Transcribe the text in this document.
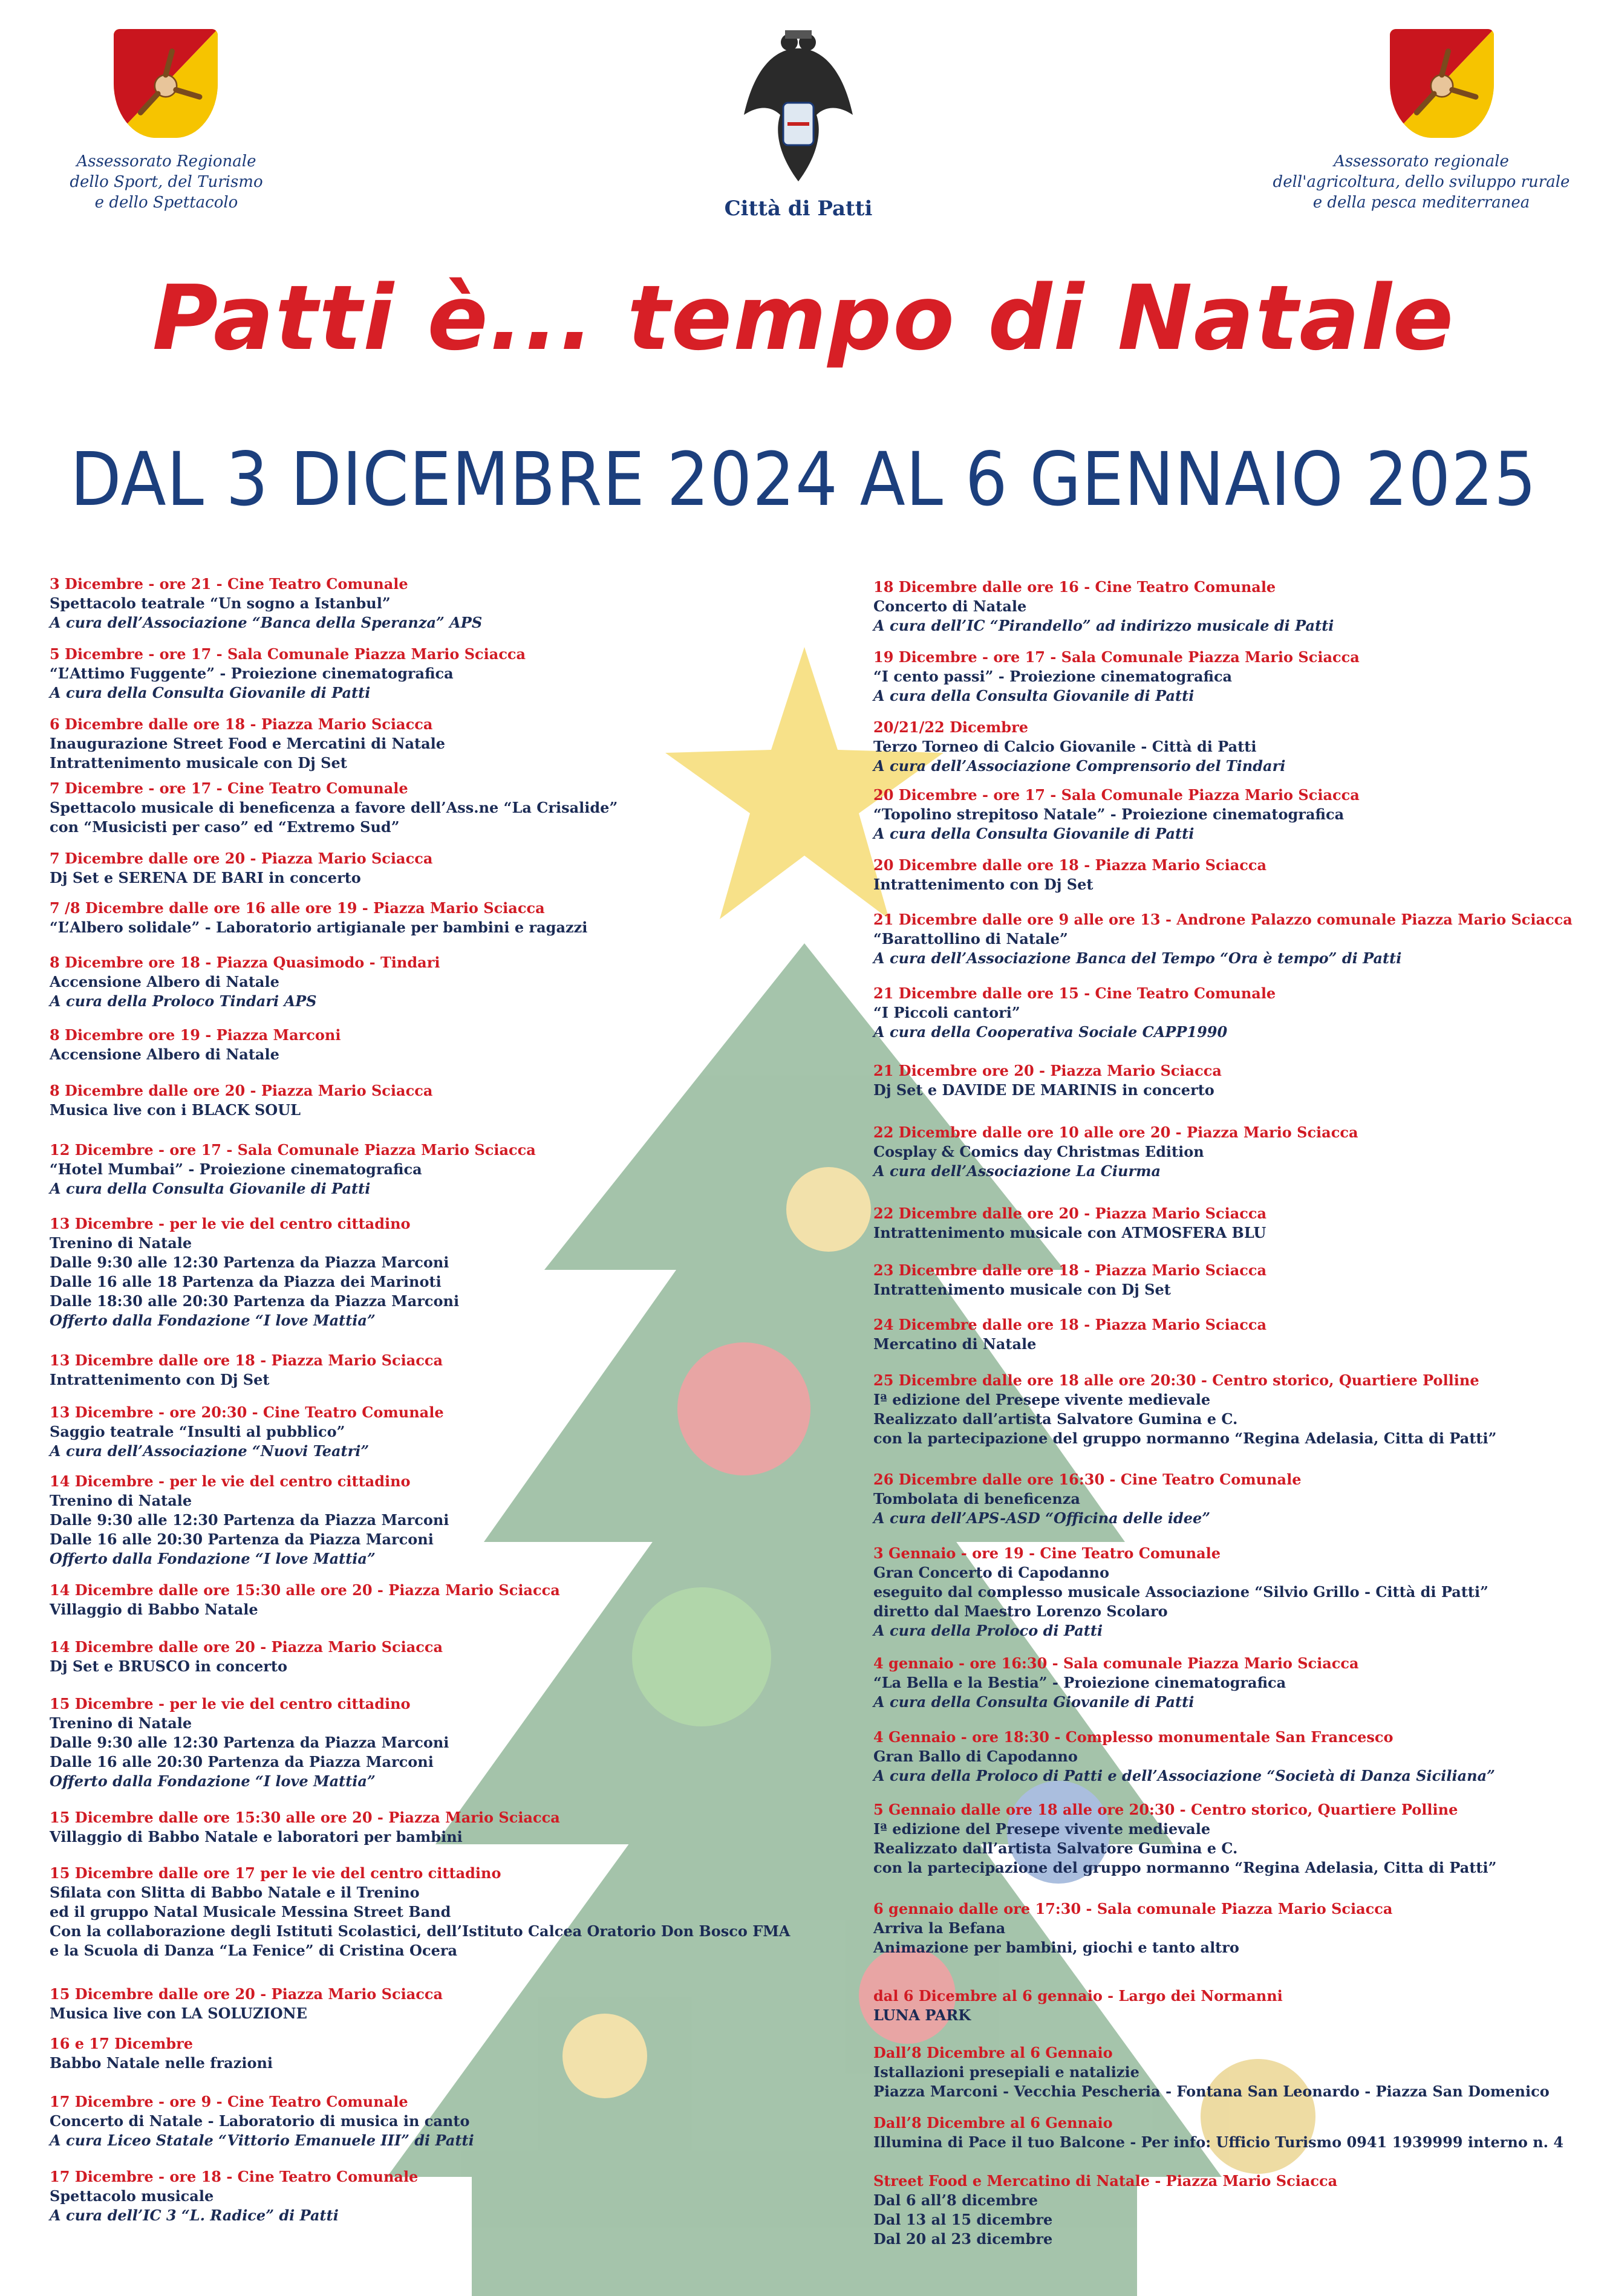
Assessorato Regionale
dello Sport, del Turismo
e dello Spettacolo	Città di Patti
Assessorato regionale
dell'agricoltura, dello sviluppo rurale
e della pesca mediterranea
Patti è... tempo di Natale
DAL 3 DICEMBRE 2024 AL 6 GENNAIO 2025
3 Dicembre - ore 21 - Cine Teatro Comunale
Spettacolo teatrale “Un sogno a Istanbul”
A cura dell’Associazione “Banca della Speranza” APS
5 Dicembre - ore 17 - Sala Comunale Piazza Mario Sciacca
“L’Attimo Fuggente” - Proiezione cinematografica
A cura della Consulta Giovanile di Patti
6 Dicembre dalle ore 18 - Piazza Mario Sciacca
Inaugurazione Street Food e Mercatini di Natale
Intrattenimento musicale con Dj Set
7 Dicembre - ore 17 - Cine Teatro Comunale
Spettacolo musicale di beneficenza a favore dell’Ass.ne “La Crisalide”
con “Musicisti per caso” ed “Extremo Sud”
7 Dicembre dalle ore 20 - Piazza Mario Sciacca
Dj Set e SERENA DE BARI in concerto
7 /8 Dicembre dalle ore 16 alle ore 19 - Piazza Mario Sciacca
“L’Albero solidale” - Laboratorio artigianale per bambini e ragazzi
8 Dicembre ore 18 - Piazza Quasimodo - Tindari
Accensione Albero di Natale
A cura della Proloco Tindari APS
8 Dicembre ore 19 - Piazza Marconi
Accensione Albero di Natale
8 Dicembre dalle ore 20 - Piazza Mario Sciacca
Musica live con i BLACK SOUL
12 Dicembre - ore 17 - Sala Comunale Piazza Mario Sciacca
“Hotel Mumbai” - Proiezione cinematografica
A cura della Consulta Giovanile di Patti
13 Dicembre - per le vie del centro cittadino
Trenino di Natale
Dalle 9:30 alle 12:30 Partenza da Piazza Marconi
Dalle 16 alle 18 Partenza da Piazza dei Marinoti
Dalle 18:30 alle 20:30 Partenza da Piazza Marconi
Offerto dalla Fondazione “I love Mattia”
13 Dicembre dalle ore 18 - Piazza Mario Sciacca
Intrattenimento con Dj Set
13 Dicembre - ore 20:30 - Cine Teatro Comunale
Saggio teatrale “Insulti al pubblico”
A cura dell’Associazione “Nuovi Teatri”
14 Dicembre - per le vie del centro cittadino
Trenino di Natale
Dalle 9:30 alle 12:30 Partenza da Piazza Marconi
Dalle 16 alle 20:30 Partenza da Piazza Marconi
Offerto dalla Fondazione “I love Mattia”
14 Dicembre dalle ore 15:30 alle ore 20 - Piazza Mario Sciacca
Villaggio di Babbo Natale
14 Dicembre dalle ore 20 - Piazza Mario Sciacca
Dj Set e BRUSCO in concerto
15 Dicembre - per le vie del centro cittadino
Trenino di Natale
Dalle 9:30 alle 12:30 Partenza da Piazza Marconi
Dalle 16 alle 20:30 Partenza da Piazza Marconi
Offerto dalla Fondazione “I love Mattia”
15 Dicembre dalle ore 15:30 alle ore 20 - Piazza Mario Sciacca
Villaggio di Babbo Natale e laboratori per bambini
15 Dicembre dalle ore 17 per le vie del centro cittadino
Sfilata con Slitta di Babbo Natale e il Trenino
ed il gruppo Natal Musicale Messina Street Band
Con la collaborazione degli Istituti Scolastici, dell’Istituto Calcea Oratorio Don Bosco FMA
e la Scuola di Danza “La Fenice” di Cristina Ocera
15 Dicembre dalle ore 20 - Piazza Mario Sciacca
Musica live con LA SOLUZIONE
16 e 17 Dicembre
Babbo Natale nelle frazioni
17 Dicembre - ore 9 - Cine Teatro Comunale
Concerto di Natale - Laboratorio di musica in canto
A cura Liceo Statale “Vittorio Emanuele III” di Patti
17 Dicembre - ore 18 - Cine Teatro Comunale
Spettacolo musicale
A cura dell’IC 3 “L. Radice” di Patti
18 Dicembre dalle ore 16 - Cine Teatro Comunale
Concerto di Natale
A cura dell’IC “Pirandello” ad indirizzo musicale di Patti
19 Dicembre - ore 17 - Sala Comunale Piazza Mario Sciacca
“I cento passi” - Proiezione cinematografica
A cura della Consulta Giovanile di Patti
20/21/22 Dicembre
Terzo Torneo di Calcio Giovanile - Città di Patti
A cura dell’Associazione Comprensorio del Tindari
20 Dicembre - ore 17 - Sala Comunale Piazza Mario Sciacca
“Topolino strepitoso Natale” - Proiezione cinematografica
A cura della Consulta Giovanile di Patti
20 Dicembre dalle ore 18 - Piazza Mario Sciacca
Intrattenimento con Dj Set
21 Dicembre dalle ore 9 alle ore 13 - Androne Palazzo comunale Piazza Mario Sciacca
“Barattollino di Natale”
A cura dell’Associazione Banca del Tempo “Ora è tempo” di Patti
21 Dicembre dalle ore 15 - Cine Teatro Comunale
“I Piccoli cantori”
A cura della Cooperativa Sociale CAPP1990
21 Dicembre ore 20 - Piazza Mario Sciacca
Dj Set e DAVIDE DE MARINIS in concerto
22 Dicembre dalle ore 10 alle ore 20 - Piazza Mario Sciacca
Cosplay & Comics day Christmas Edition
A cura dell’Associazione La Ciurma
22 Dicembre dalle ore 20 - Piazza Mario Sciacca
Intrattenimento musicale con ATMOSFERA BLU
23 Dicembre dalle ore 18 - Piazza Mario Sciacca
Intrattenimento musicale con Dj Set
24 Dicembre dalle ore 18 - Piazza Mario Sciacca
Mercatino di Natale
25 Dicembre dalle ore 18 alle ore 20:30 - Centro storico, Quartiere Polline
Iª edizione del Presepe vivente medievale
Realizzato dall’artista Salvatore Gumina e C.
con la partecipazione del gruppo normanno “Regina Adelasia, Citta di Patti”
26 Dicembre dalle ore 16:30 - Cine Teatro Comunale
Tombolata di beneficenza
A cura dell’APS-ASD “Officina delle idee”
3 Gennaio - ore 19 - Cine Teatro Comunale
Gran Concerto di Capodanno
eseguito dal complesso musicale Associazione “Silvio Grillo - Città di Patti”
diretto dal Maestro Lorenzo Scolaro
A cura della Proloco di Patti
4 gennaio - ore 16:30 - Sala comunale Piazza Mario Sciacca
“La Bella e la Bestia” - Proiezione cinematografica
A cura della Consulta Giovanile di Patti
4 Gennaio - ore 18:30 - Complesso monumentale San Francesco
Gran Ballo di Capodanno
A cura della Proloco di Patti e dell’Associazione “Società di Danza Siciliana”
5 Gennaio dalle ore 18 alle ore 20:30 - Centro storico, Quartiere Polline
Iª edizione del Presepe vivente medievale
Realizzato dall’artista Salvatore Gumina e C.
con la partecipazione del gruppo normanno “Regina Adelasia, Citta di Patti”
6 gennaio dalle ore 17:30 - Sala comunale Piazza Mario Sciacca
Arriva la Befana
Animazione per bambini, giochi e tanto altro
dal 6 Dicembre al 6 gennaio - Largo dei Normanni
LUNA PARK
Dall’8 Dicembre al 6 Gennaio
Istallazioni presepiali e natalizie
Piazza Marconi - Vecchia Pescheria - Fontana San Leonardo - Piazza San Domenico
Dall’8 Dicembre al 6 Gennaio
Illumina di Pace il tuo Balcone - Per info: Ufficio Turismo 0941 1939999 interno n. 4
Street Food e Mercatino di Natale - Piazza Mario Sciacca
Dal 6 all’8 dicembre
Dal 13 al 15 dicembre
Dal 20 al 23 dicembre
